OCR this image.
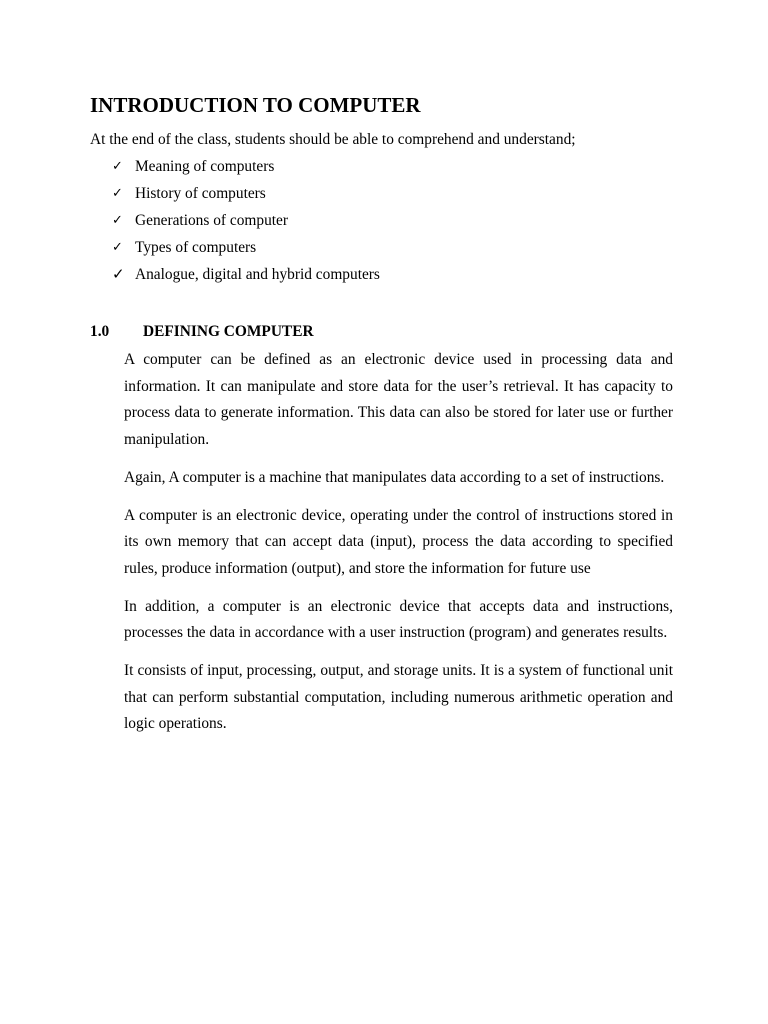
INTRODUCTION TO COMPUTER

At the end of the class, students should be able to comprehend and understand;

✓ Meaning of computers
✓ History of computers
✓ Generations of computer
✓ Types of computers
✓ Analogue, digital and hybrid computers
1.0 DEFINING COMPUTER

A computer can be defined as an electronic device used in processing data and information. It can manipulate and store data for the user’s retrieval. It has capacity to process data to generate information. This data can also be stored for later use or further manipulation.

Again, A computer is a machine that manipulates data according to a set of instructions.

A computer is an electronic device, operating under the control of instructions stored in its own memory that can accept data (input), process the data according to specified rules, produce information (output), and store the information for future use

In addition, a computer is an electronic device that accepts data and instructions, processes the data in accordance with a user instruction (program) and generates results.

It consists of input, processing, output, and storage units. It is a system of functional unit that can perform substantial computation, including numerous arithmetic operation and logic operations.
